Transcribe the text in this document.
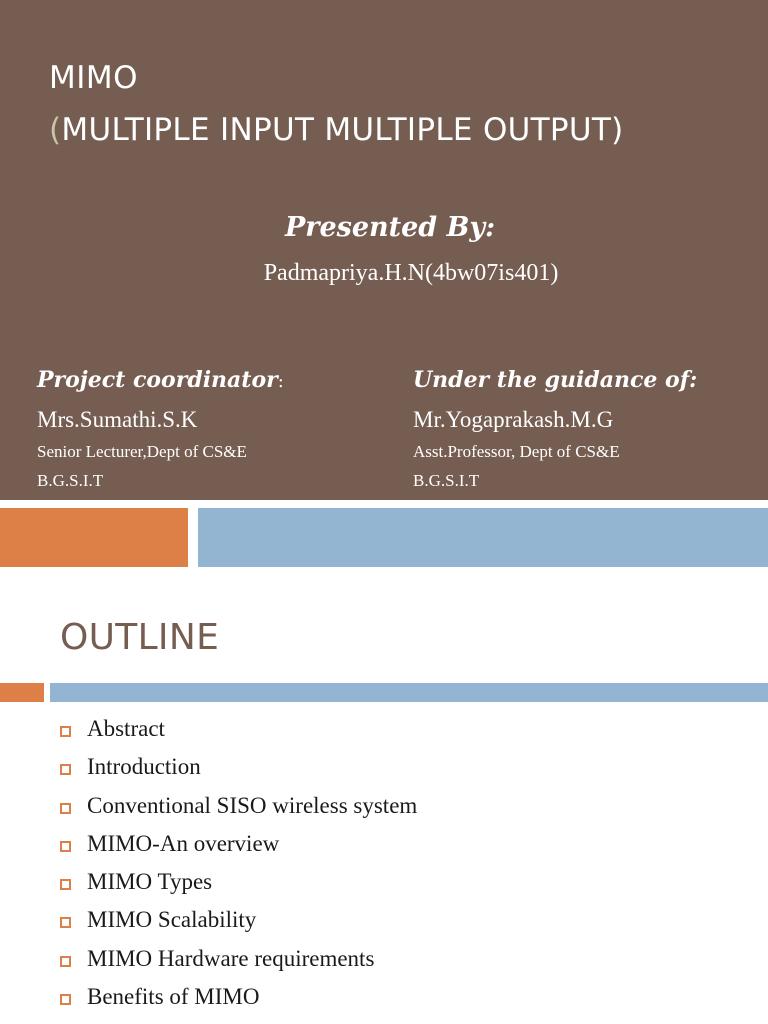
MIMO
(MULTIPLE INPUT MULTIPLE OUTPUT)
Presented By:
Padmapriya.H.N(4bw07is401)
Project coordinator:
Mrs.Sumathi.S.K
Senior Lecturer,Dept of CS&E
B.G.S.I.T
Under the guidance of:
Mr.Yogaprakash.M.G
Asst.Professor, Dept of CS&E
B.G.S.I.T
OUTLINE
Abstract
Introduction
Conventional SISO wireless system
MIMO-An overview
MIMO Types
MIMO Scalability
MIMO Hardware requirements
Benefits of MIMO
